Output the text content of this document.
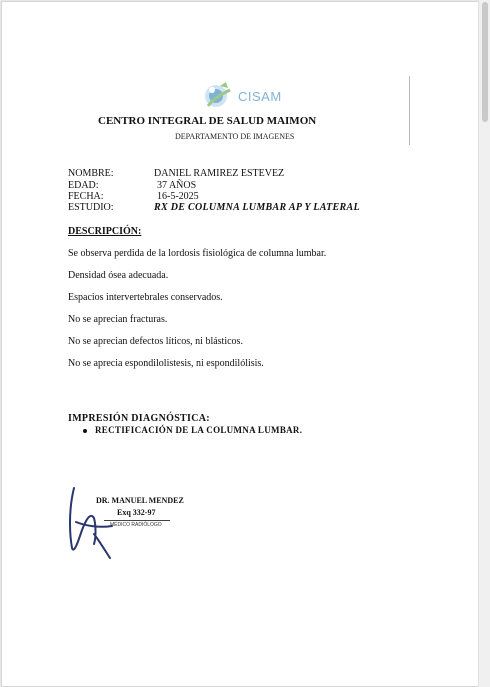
CISAM
CENTRO INTEGRAL DE SALUD MAIMON
DEPARTAMENTO DE IMAGENES
NOMBRE:	DANIEL RAMIREZ ESTEVEZ
EDAD:	37 AÑOS
FECHA:	16-5-2025
ESTUDIO:	RX DE COLUMNA LUMBAR AP Y LATERAL
DESCRIPCIÓN:
Se observa perdida de la lordosis fisiológica de columna lumbar.
Densidad ósea adecuada.
Espacios intervertebrales conservados.
No se aprecian fracturas.
No se aprecian defectos líticos, ni blásticos.
No se aprecia espondilolistesis, ni espondilólisis.
IMPRESIÓN DIAGNÓSTICA:
RECTIFICACIÓN DE LA COLUMNA LUMBAR.
DR. MANUEL MENDEZ
Exq 332-97
MÉDICO RADIÓLOGO
